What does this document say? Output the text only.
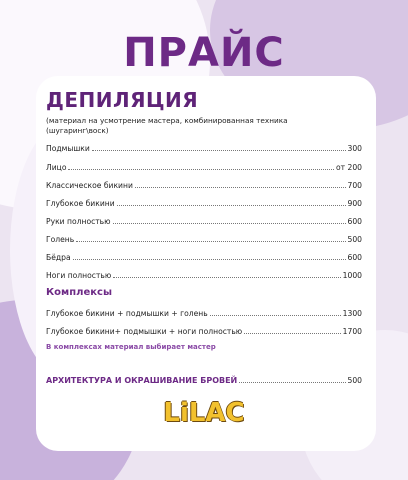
ПРАЙС
ДЕПИЛЯЦИЯ
(материал на усмотрение мастера, комбинированная техника (шугаринг\воск)
Подмышки	300
Лицо	от 200
Классическое бикини	700
Глубокое бикини	900
Руки полностью	600
Голень	500
Бёдра	600
Ноги полностью	1000
Комплексы
Глубокое бикини + подмышки + голень	1300
Глубокое бикини+ подмышки + ноги полностью	1700
В комплексах материал выбирает мастер
АРХИТЕКТУРА И ОКРАШИВАНИЕ БРОВЕЙ	500
LiLAC
